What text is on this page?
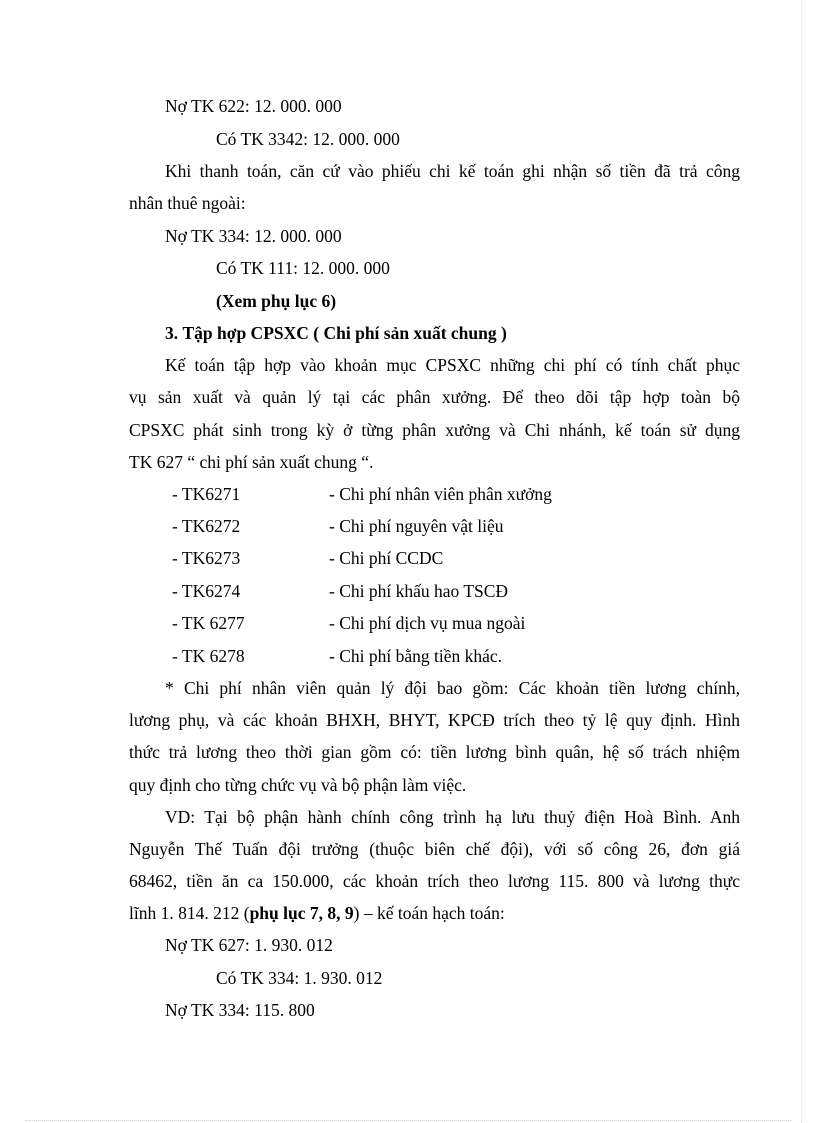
Nợ TK 622: 12. 000. 000
Có TK 3342: 12. 000. 000
Khi thanh toán, căn cứ vào phiếu chi kế toán ghi nhận số tiền đã trả công
nhân thuê ngoài:
Nợ TK 334: 12. 000. 000
Có TK 111: 12. 000. 000
(Xem phụ lục 6)
3. Tập hợp CPSXC ( Chi phí sản xuất chung )
Kế toán tập hợp vào khoản mục CPSXC những chi phí có tính chất phục
vụ sản xuất và quản lý tại các phân xưởng. Để theo dõi tập hợp toàn bộ
CPSXC phát sinh trong kỳ ở từng phân xưởng và Chi nhánh, kế toán sử dụng
TK 627 “ chi phí sản xuất chung “.
- TK6271	- Chi phí nhân viên phân xưởng
- TK6272	- Chi phí nguyên vật liệu
- TK6273	- Chi phí CCDC
- TK6274	- Chi phí khấu hao TSCĐ
- TK 6277	- Chi phí dịch vụ mua ngoài
- TK 6278	- Chi phí bằng tiền khác.
* Chi phí nhân viên quản lý đội bao gồm: Các khoản tiền lương chính,
lương phụ, và các khoản BHXH, BHYT, KPCĐ trích theo tỷ lệ quy định. Hình
thức trả lương theo thời gian gồm có: tiền lương bình quân, hệ số trách nhiệm
quy định cho từng chức vụ và bộ phận làm việc.
VD: Tại bộ phận hành chính công trình hạ lưu thuỷ điện Hoà Bình. Anh
Nguyễn Thế Tuấn đội trưởng (thuộc biên chế đội), với số công 26, đơn giá
68462, tiền ăn ca 150.000, các khoản trích theo lương 115. 800 và lương thực
lĩnh 1. 814. 212 (phụ lục 7, 8, 9) – kế toán hạch toán:
Nợ TK 627: 1. 930. 012
Có TK 334: 1. 930. 012
Nợ TK 334: 115. 800
